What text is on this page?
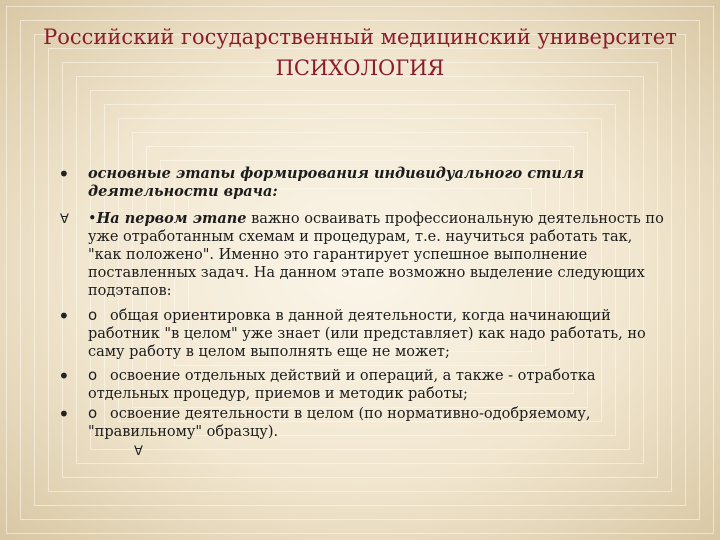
Российский государственный медицинский университет
ПСИХОЛОГИЯ
• основные этапы формирования индивидуального стиля деятельности врача:
∀ •На первом этапе важно осваивать профессиональную деятельность по уже отработанным схемам и процедурам, т.е. научиться работать так, "как положено". Именно это гарантирует успешное выполнение поставленных задач. На данном этапе возможно выделение следующих подэтапов:
• o общая ориентировка в данной деятельности, когда начинающий работник "в целом" уже знает (или представляет) как надо работать, но саму работу в целом выполнять еще не может;
• o освоение отдельных действий и операций, а также - отработка отдельных процедур, приемов и методик работы;
• o освоение деятельности в целом (по нормативно-одобряемому, "правильному" образцу).
∀
